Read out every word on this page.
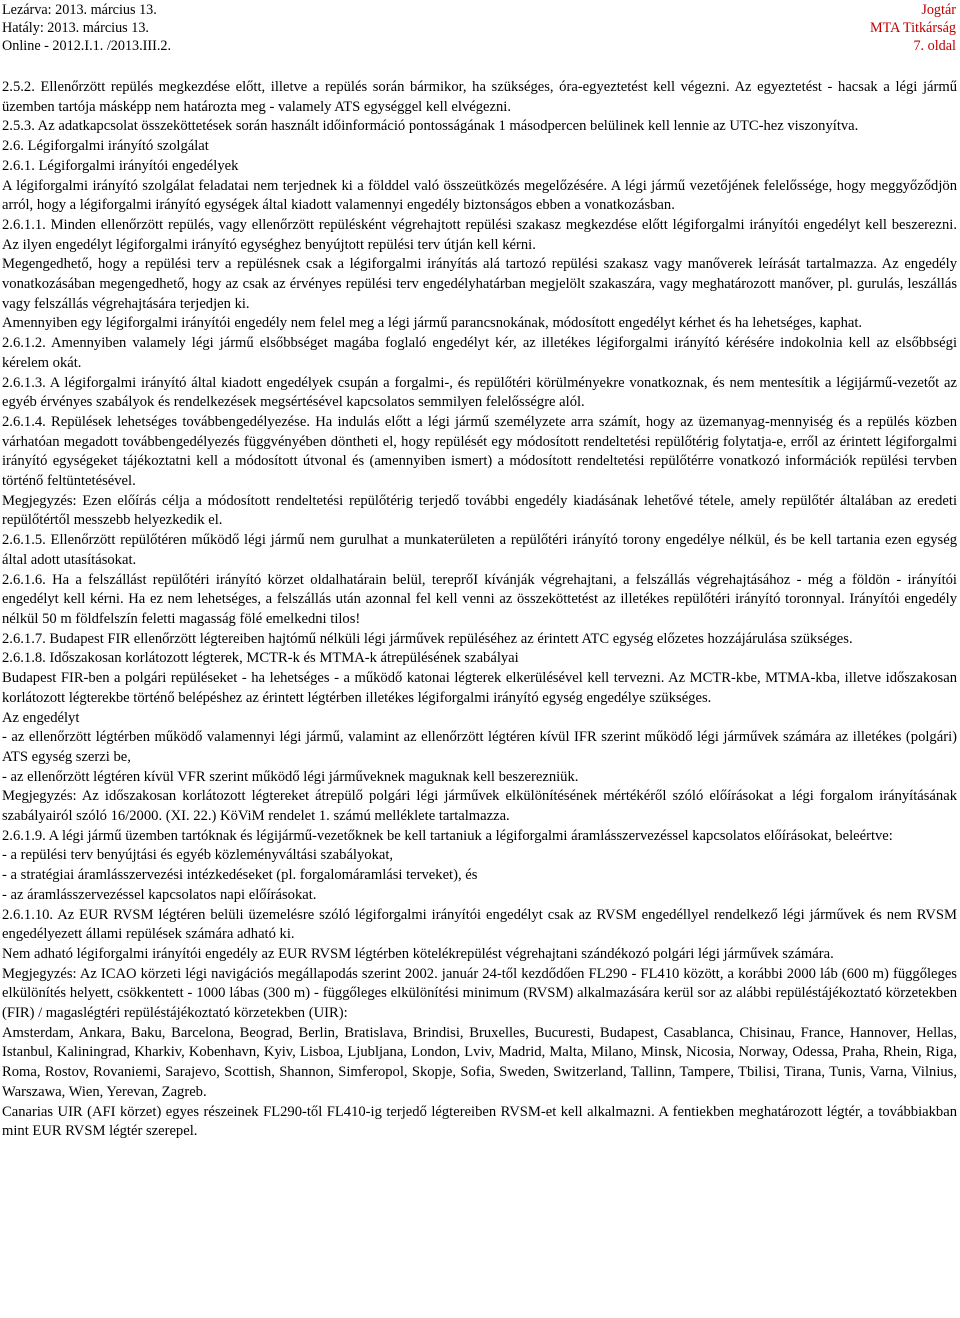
Lezárva: 2013. március 13.
Hatály: 2013. március 13.
Online - 2012.I.1. /2013.III.2.
Jogtár
MTA Titkárság
7. oldal

2.5.2. Ellenőrzött repülés megkezdése előtt, illetve a repülés során bármikor, ha szükséges, óra-egyeztetést kell végezni. Az egyeztetést - hacsak a légi jármű üzemben tartója másképp nem határozta meg - valamely ATS egységgel kell elvégezni.

2.5.3. Az adatkapcsolat összeköttetések során használt időinformáció pontosságának 1 másodpercen belülinek kell lennie az UTC-hez viszonyítva.

2.6. Légiforgalmi irányító szolgálat

2.6.1. Légiforgalmi irányítói engedélyek

A légiforgalmi irányító szolgálat feladatai nem terjednek ki a földdel való összeütközés megelőzésére. A légi jármű vezetőjének felelőssége, hogy meggyőződjön arról, hogy a légiforgalmi irányító egységek által kiadott valamennyi engedély biztonságos ebben a vonatkozásban.

2.6.1.1. Minden ellenőrzött repülés, vagy ellenőrzött repülésként végrehajtott repülési szakasz megkezdése előtt légiforgalmi irányítói engedélyt kell beszerezni. Az ilyen engedélyt légiforgalmi irányító egységhez benyújtott repülési terv útján kell kérni.

Megengedhető, hogy a repülési terv a repülésnek csak a légiforgalmi irányítás alá tartozó repülési szakasz vagy manőverek leírását tartalmazza. Az engedély vonatkozásában megengedhető, hogy az csak az érvényes repülési terv engedélyhatárban megjelölt szakaszára, vagy meghatározott manőver, pl. gurulás, leszállás vagy felszállás végrehajtására terjedjen ki.

Amennyiben egy légiforgalmi irányítói engedély nem felel meg a légi jármű parancsnokának, módosított engedélyt kérhet és ha lehetséges, kaphat.

2.6.1.2. Amennyiben valamely légi jármű elsőbbséget magába foglaló engedélyt kér, az illetékes légiforgalmi irányító kérésére indokolnia kell az elsőbbségi kérelem okát.

2.6.1.3. A légiforgalmi irányító által kiadott engedélyek csupán a forgalmi-, és repülőtéri körülményekre vonatkoznak, és nem mentesítik a légijármű-vezetőt az egyéb érvényes szabályok és rendelkezések megsértésével kapcsolatos semmilyen felelősségre alól.

2.6.1.4. Repülések lehetséges továbbengedélyezése. Ha indulás előtt a légi jármű személyzete arra számít, hogy az üzemanyag-mennyiség és a repülés közben várhatóan megadott továbbengedélyezés függvényében döntheti el, hogy repülését egy módosított rendeltetési repülőtérig folytatja-e, erről az érintett légiforgalmi irányító egységeket tájékoztatni kell a módosított útvonal és (amennyiben ismert) a módosított rendeltetési repülőtérre vonatkozó információk repülési tervben történő feltüntetésével.

Megjegyzés: Ezen előírás célja a módosított rendeltetési repülőtérig terjedő további engedély kiadásának lehetővé tétele, amely repülőtér általában az eredeti repülőtértől messzebb helyezkedik el.

2.6.1.5. Ellenőrzött repülőtéren működő légi jármű nem gurulhat a munkaterületen a repülőtéri irányító torony engedélye nélkül, és be kell tartania ezen egység által adott utasításokat.

2.6.1.6. Ha a felszállást repülőtéri irányító körzet oldalhatárain belül, tereprőI kívánják végrehajtani, a felszállás végrehajtásához - még a földön - irányítói engedélyt kell kérni. Ha ez nem lehetséges, a felszállás után azonnal fel kell venni az összeköttetést az illetékes repülőtéri irányító toronnyal. Irányítói engedély nélkül 50 m földfelszín feletti magasság fölé emelkedni tilos!

2.6.1.7. Budapest FIR ellenőrzött légtereiben hajtómű nélküli légi járművek repüléséhez az érintett ATC egység előzetes hozzájárulása szükséges.

2.6.1.8. Időszakosan korlátozott légterek, MCTR-k és MTMA-k átrepülésének szabályai

Budapest FIR-ben a polgári repüléseket - ha lehetséges - a működő katonai légterek elkerülésével kell tervezni. Az MCTR-kbe, MTMA-kba, illetve időszakosan korlátozott légterekbe történő belépéshez az érintett légtérben illetékes légiforgalmi irányító egység engedélye szükséges.

Az engedélyt

- az ellenőrzött légtérben működő valamennyi légi jármű, valamint az ellenőrzött légtéren kívül IFR szerint működő légi járművek számára az illetékes (polgári) ATS egység szerzi be,

- az ellenőrzött légtéren kívül VFR szerint működő légi járműveknek maguknak kell beszerezniük.

Megjegyzés: Az időszakosan korlátozott légtereket átrepülő polgári légi járművek elkülönítésének mértékéről szóló előírásokat a légi forgalom irányításának szabályairól szóló 16/2000. (XI. 22.) KöViM rendelet 1. számú melléklete tartalmazza.

2.6.1.9. A légi jármű üzemben tartóknak és légijármű-vezetőknek be kell tartaniuk a légiforgalmi áramlásszervezéssel kapcsolatos előírásokat, beleértve:

- a repülési terv benyújtási és egyéb közleményváltási szabályokat,

- a stratégiai áramlásszervezési intézkedéseket (pl. forgalomáramlási terveket), és

- az áramlásszervezéssel kapcsolatos napi előírásokat.

2.6.1.10. Az EUR RVSM légtéren belüli üzemelésre szóló légiforgalmi irányítói engedélyt csak az RVSM engedéllyel rendelkező légi járművek és nem RVSM engedélyezett állami repülések számára adható ki.

Nem adható légiforgalmi irányítói engedély az EUR RVSM légtérben kötelékrepülést végrehajtani szándékozó polgári légi járművek számára.

Megjegyzés: Az ICAO körzeti légi navigációs megállapodás szerint 2002. január 24-től kezdődően FL290 - FL410 között, a korábbi 2000 láb (600 m) függőleges elkülönítés helyett, csökkentett - 1000 lábas (300 m) - függőleges elkülönítési minimum (RVSM) alkalmazására kerül sor az alábbi repüléstájékoztató körzetekben (FIR) / magaslégtéri repüléstájékoztató körzetekben (UIR):

Amsterdam, Ankara, Baku, Barcelona, Beograd, Berlin, Bratislava, Brindisi, Bruxelles, Bucuresti, Budapest, Casablanca, Chisinau, France, Hannover, Hellas, Istanbul, Kaliningrad, Kharkiv, Kobenhavn, Kyiv, Lisboa, Ljubljana, London, Lviv, Madrid, Malta, Milano, Minsk, Nicosia, Norway, Odessa, Praha, Rhein, Riga, Roma, Rostov, Rovaniemi, Sarajevo, Scottish, Shannon, Simferopol, Skopje, Sofia, Sweden, Switzerland, Tallinn, Tampere, Tbilisi, Tirana, Tunis, Varna, Vilnius, Warszawa, Wien, Yerevan, Zagreb.

Canarias UIR (AFI körzet) egyes részeinek FL290-től FL410-ig terjedő légtereiben RVSM-et kell alkalmazni. A fentiekben meghatározott légtér, a továbbiakban mint EUR RVSM légtér szerepel.
